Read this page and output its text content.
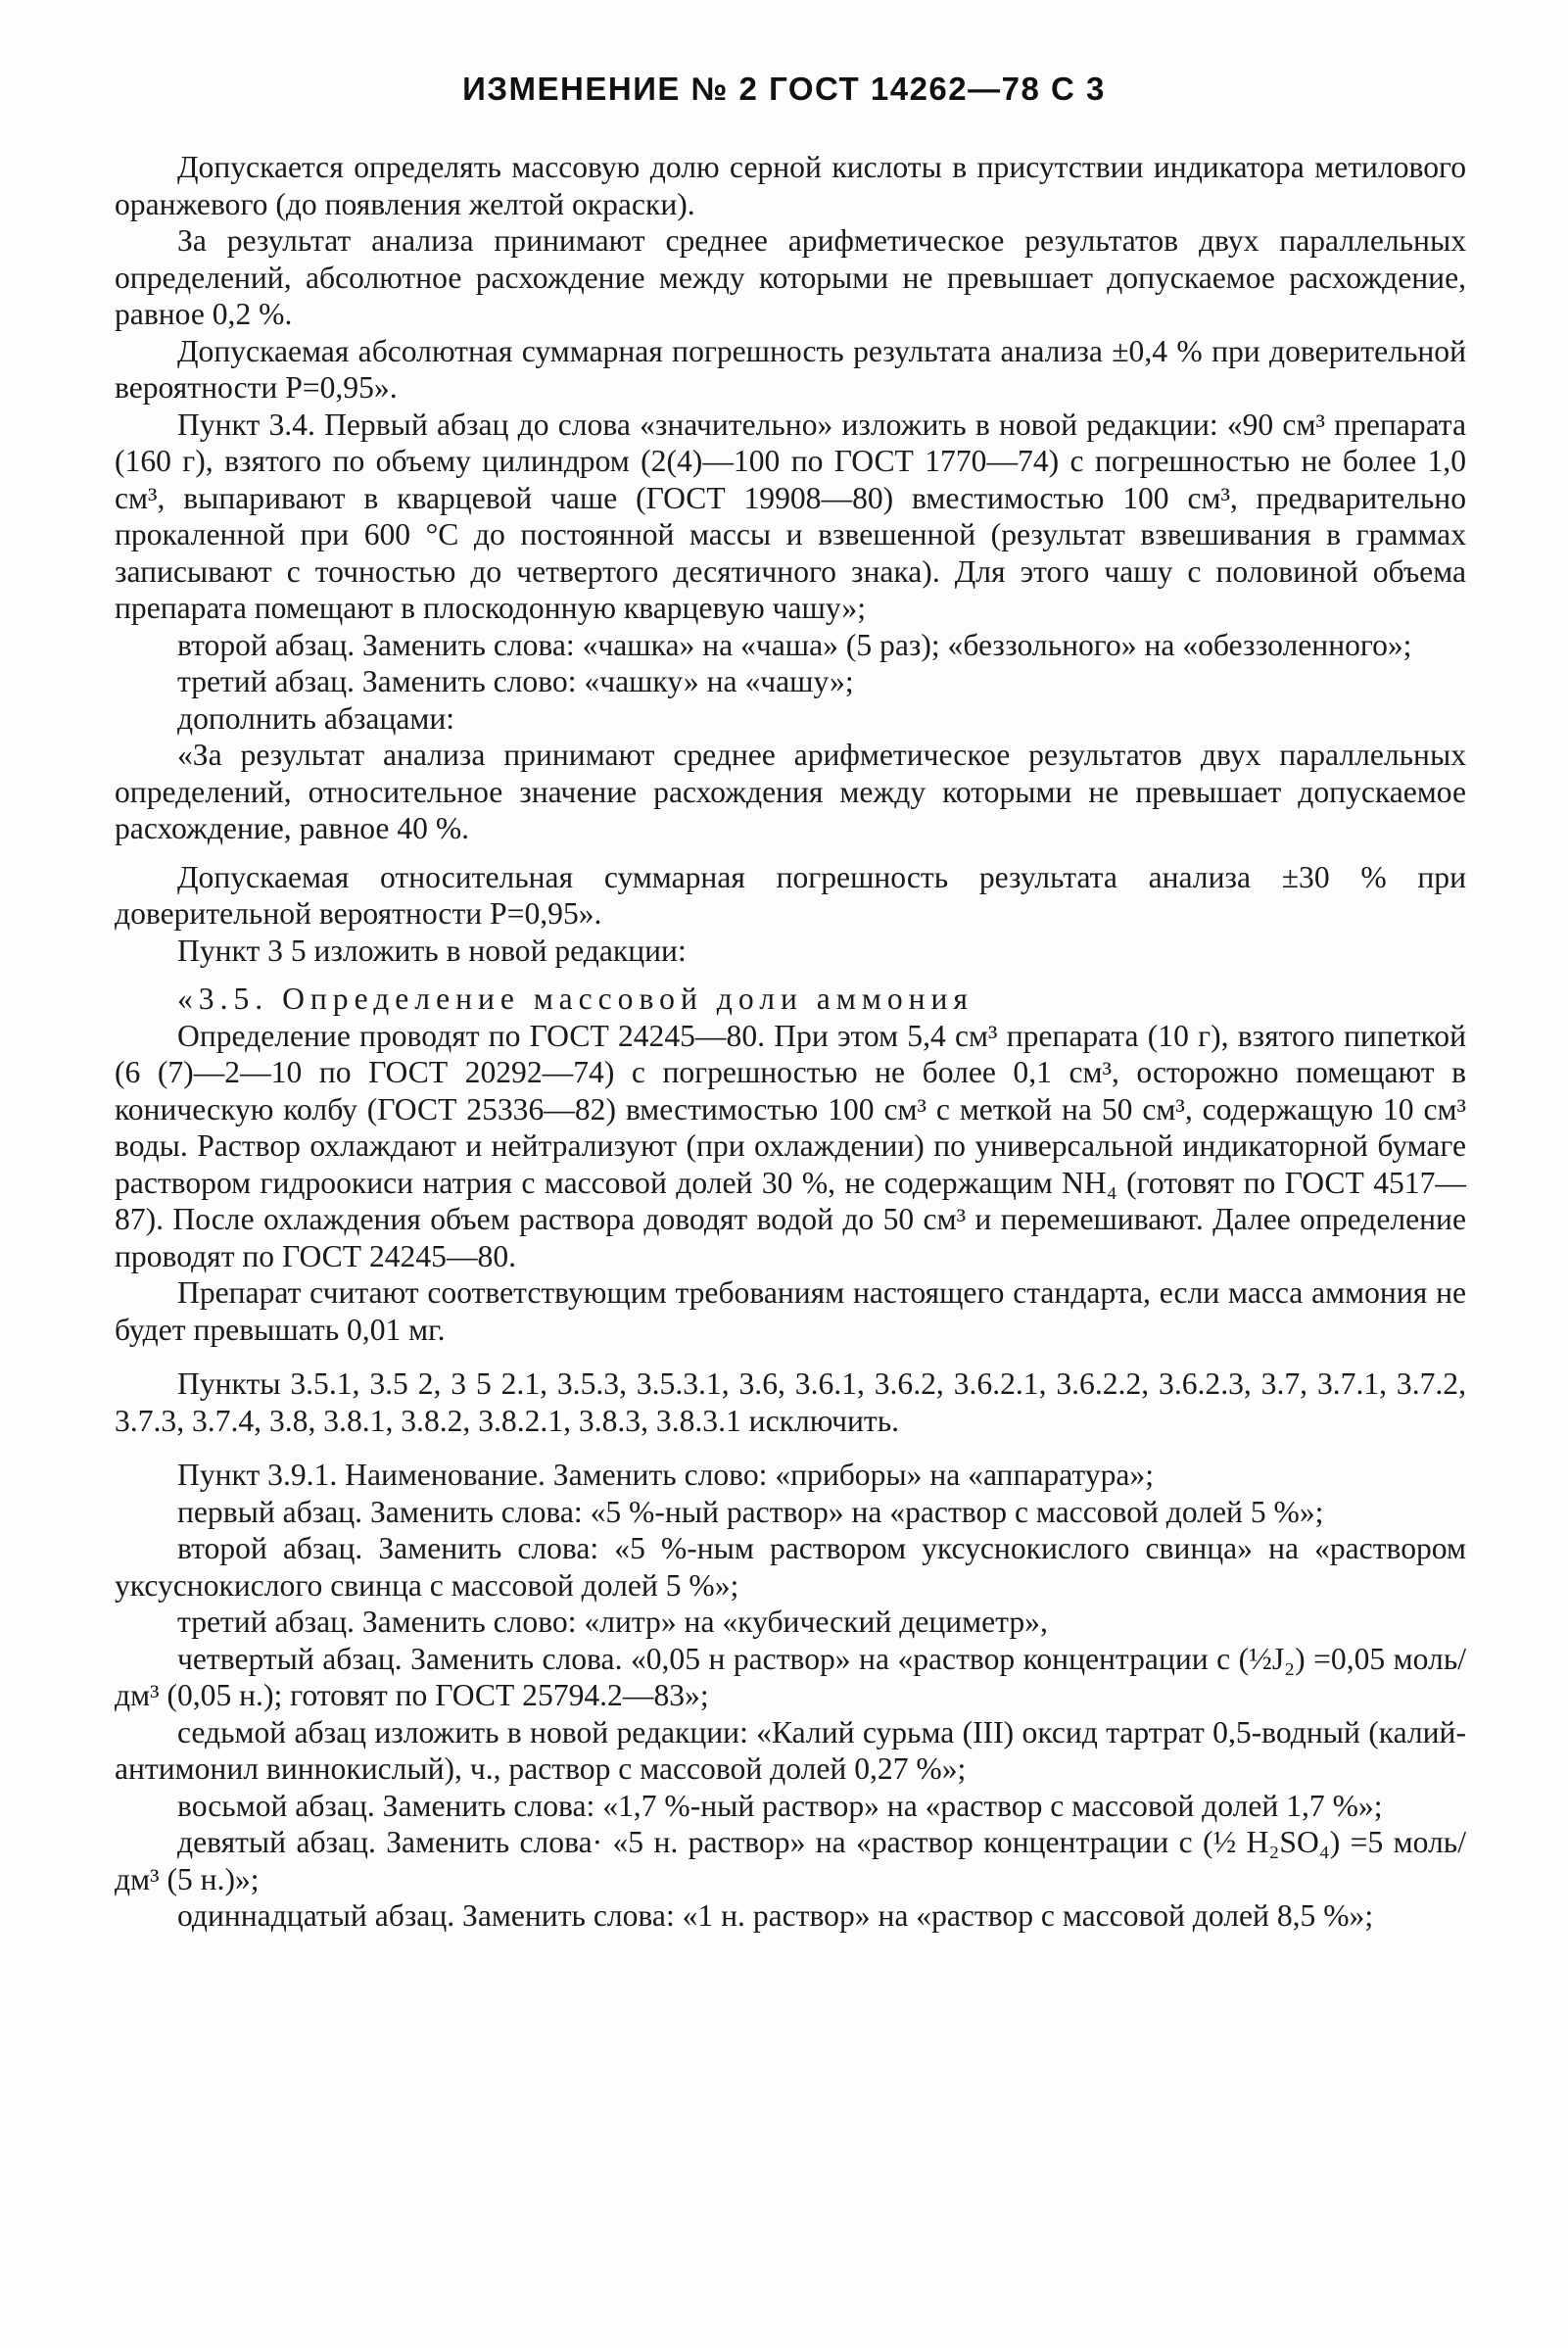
ИЗМЕНЕНИЕ № 2 ГОСТ 14262—78 С 3

Допускается определять массовую долю серной кислоты в присутствии индикатора метилового оранжевого (до появления желтой окраски).

За результат анализа принимают среднее арифметическое результатов двух параллельных определений, абсолютное расхождение между которыми не превышает допускаемое расхождение, равное 0,2 %.

Допускаемая абсолютная суммарная погрешность результата анализа ±0,4 % при доверительной вероятности P=0,95».

Пункт 3.4. Первый абзац до слова «значительно» изложить в новой редакции: «90 см³ препарата (160 г), взятого по объему цилиндром (2(4)—100 по ГОСТ 1770—74) с погрешностью не более 1,0 см³, выпаривают в кварцевой чаше (ГОСТ 19908—80) вместимостью 100 см³, предварительно прокаленной при 600 °С до постоянной массы и взвешенной (результат взвешивания в граммах записывают с точностью до четвертого десятичного знака). Для этого чашу с половиной объема препарата помещают в плоскодонную кварцевую чашу»;

второй абзац. Заменить слова: «чашка» на «чаша» (5 раз); «беззольного» на «обеззоленного»;

третий абзац. Заменить слово: «чашку» на «чашу»;

дополнить абзацами:

«За результат анализа принимают среднее арифметическое результатов двух параллельных определений, относительное значение расхождения между которыми не превышает допускаемое расхождение, равное 40 %.

Допускаемая относительная суммарная погрешность результата анализа ±30 % при доверительной вероятности P=0,95».

Пункт 3 5 изложить в новой редакции:

«3.5. Определение массовой доли аммония

Определение проводят по ГОСТ 24245—80. При этом 5,4 см³ препарата (10 г), взятого пипеткой (6 (7)—2—10 по ГОСТ 20292—74) с погрешностью не более 0,1 см³, осторожно помещают в коническую колбу (ГОСТ 25336—82) вместимостью 100 см³ с меткой на 50 см³, содержащую 10 см³ воды. Раствор охлаждают и нейтрализуют (при охлаждении) по универсальной индикаторной бумаге раствором гидроокиси натрия с массовой долей 30 %, не содержащим NH₄ (готовят по ГОСТ 4517—87). После охлаждения объем раствора доводят водой до 50 см³ и перемешивают. Далее определение проводят по ГОСТ 24245—80.

Препарат считают соответствующим требованиям настоящего стандарта, если масса аммония не будет превышать 0,01 мг.

Пункты 3.5.1, 3.5 2, 3 5 2.1, 3.5.3, 3.5.3.1, 3.6, 3.6.1, 3.6.2, 3.6.2.1, 3.6.2.2, 3.6.2.3, 3.7, 3.7.1, 3.7.2, 3.7.3, 3.7.4, 3.8, 3.8.1, 3.8.2, 3.8.2.1, 3.8.3, 3.8.3.1 исключить.

Пункт 3.9.1. Наименование. Заменить слово: «приборы» на «аппаратура»;

первый абзац. Заменить слова: «5 %-ный раствор» на «раствор с массовой долей 5 %»;

второй абзац. Заменить слова: «5 %-ным раствором уксуснокислого свинца» на «раствором уксуснокислого свинца с массовой долей 5 %»;

третий абзац. Заменить слово: «литр» на «кубический дециметр»,

четвертый абзац. Заменить слова. «0,05 н раствор» на «раствор концентрации c (½J₂) =0,05 моль/дм³ (0,05 н.); готовят по ГОСТ 25794.2—83»;

седьмой абзац изложить в новой редакции: «Калий сурьма (III) оксид тартрат 0,5-водный (калий-антимонил виннокислый), ч., раствор с массовой долей 0,27 %»;

восьмой абзац. Заменить слова: «1,7 %-ный раствор» на «раствор с массовой долей 1,7 %»;

девятый абзац. Заменить слова· «5 н. раствор» на «раствор концентрации c (½ H₂SO₄) =5 моль/дм³ (5 н.)»;

одиннадцатый абзац. Заменить слова: «1 н. раствор» на «раствор с массовой долей 8,5 %»;
